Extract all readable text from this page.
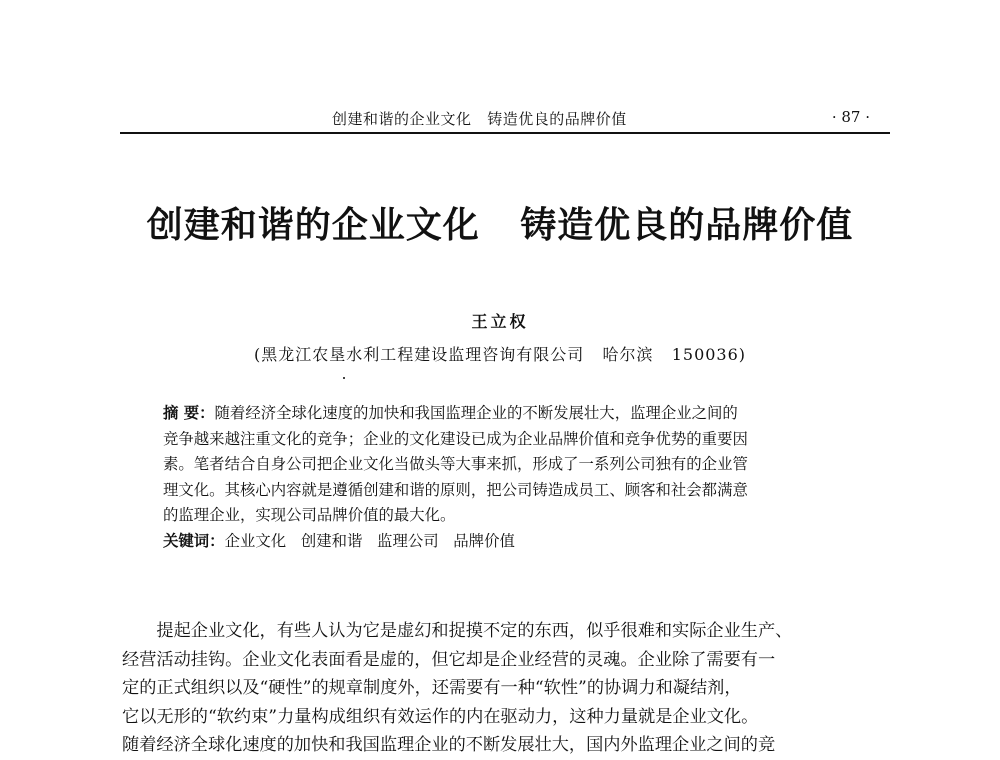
创建和谐的企业文化   铸造优良的品牌价值	· 87 ·
创建和谐的企业文化   铸造优良的品牌价值
王立权
(黑龙江农垦水利工程建设监理咨询有限公司   哈尔滨   150036)
摘 要：随着经济全球化速度的加快和我国监理企业的不断发展壮大，监理企业之间的
竞争越来越注重文化的竞争；企业的文化建设已成为企业品牌价值和竞争优势的重要因
素。笔者结合自身公司把企业文化当做头等大事来抓，形成了一系列公司独有的企业管
理文化。其核心内容就是遵循创建和谐的原则，把公司铸造成员工、顾客和社会都满意
的监理企业，实现公司品牌价值的最大化。
关键词：企业文化   创建和谐   监理公司   品牌价值
　　提起企业文化，有些人认为它是虚幻和捉摸不定的东西，似乎很难和实际企业生产、
经营活动挂钩。企业文化表面看是虚的，但它却是企业经营的灵魂。企业除了需要有一
定的正式组织以及“硬性”的规章制度外，还需要有一种“软性”的协调力和凝结剂，
它以无形的“软约束”力量构成组织有效运作的内在驱动力，这种力量就是企业文化。
随着经济全球化速度的加快和我国监理企业的不断发展壮大，国内外监理企业之间的竞
